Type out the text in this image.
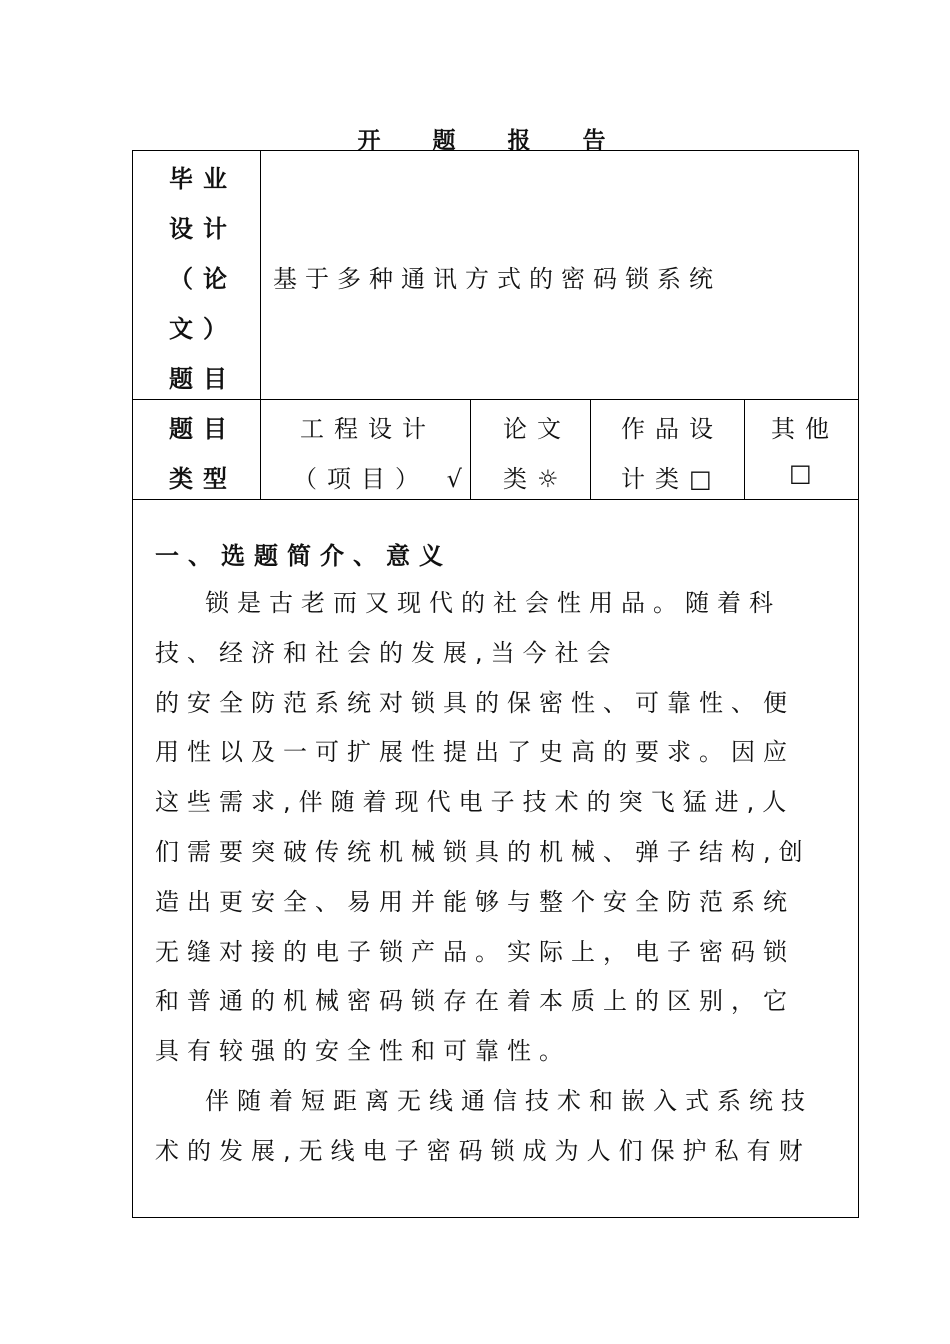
开 题 报 告
毕业
设计
（论
文）
题目
基于多种通讯方式的密码锁系统
题目
类型
工程设计
（项目） √
论文
类☼
作品设
计类□
其他
□
一、选题简介、意义

锁是古老而又现代的社会性用品。随着科

技、经济和社会的发展,当今社会

的安全防范系统对锁具的保密性、可靠性、便

用性以及一可扩展性提出了史高的要求。因应

这些需求,伴随着现代电子技术的突飞猛进,人

们需要突破传统机械锁具的机械、弹子结构,创

造出更安全、易用并能够与整个安全防范系统

无缝对接的电子锁产品。实际上，电子密码锁

和普通的机械密码锁存在着本质上的区别，它

具有较强的安全性和可靠性。

伴随着短距离无线通信技术和嵌入式系统技

术的发展,无线电子密码锁成为人们保护私有财
